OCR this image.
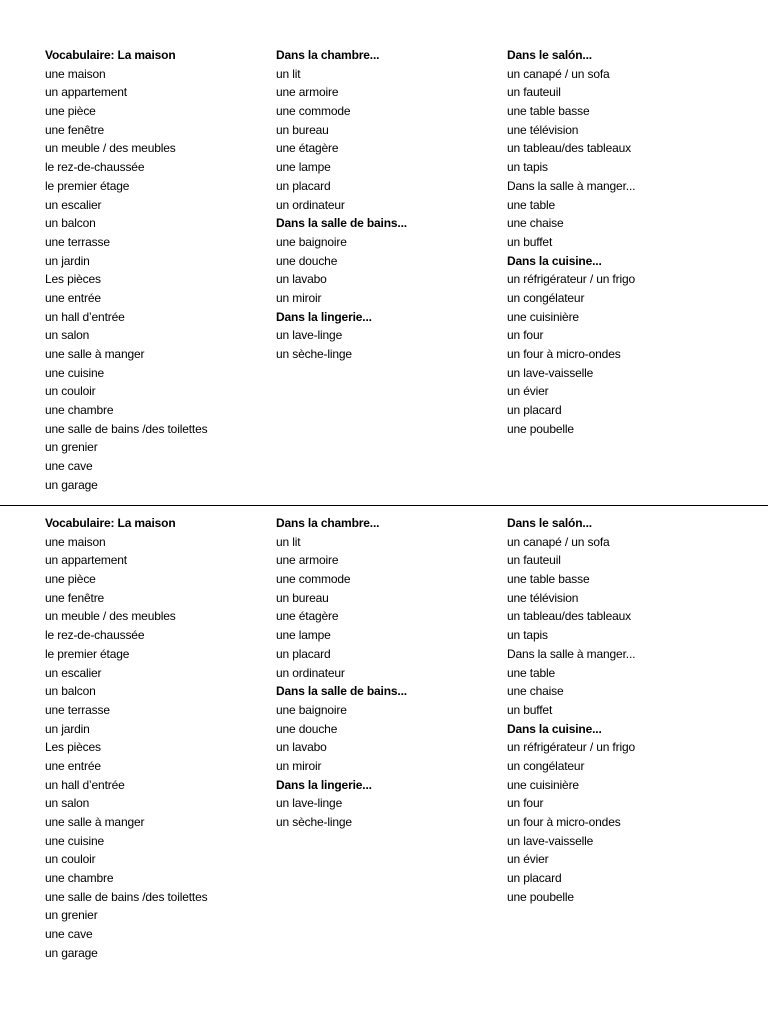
Vocabulaire: La maison
une maison
un appartement
une pièce
une fenêtre
un meuble / des meubles
le rez-de-chaussée
le premier étage
un escalier
un balcon
une terrasse
un jardin
Les pièces
une entrée
un hall d’entrée
un salon
une salle à manger
une cuisine
un couloir
une chambre
une salle de bains /des toilettes
un grenier
une cave
un garage
Dans la chambre...
un lit
une armoire
une commode
un bureau
une étagère
une lampe
un placard
un ordinateur
Dans la salle de bains...
une baignoire
une douche
un lavabo
un miroir
Dans la lingerie...
un lave-linge
un sèche-linge
Dans le salón...
un canapé / un sofa
un fauteuil
une table basse
une télévision
un tableau/des tableaux
un tapis
Dans la salle à manger...
une table
une chaise
un buffet
Dans la cuisine...
un réfrigérateur / un frigo
un congélateur
une cuisinière
un four
un four à micro-ondes
un lave-vaisselle
un évier
un placard
une poubelle
Vocabulaire: La maison
une maison
un appartement
une pièce
une fenêtre
un meuble / des meubles
le rez-de-chaussée
le premier étage
un escalier
un balcon
une terrasse
un jardin
Les pièces
une entrée
un hall d’entrée
un salon
une salle à manger
une cuisine
un couloir
une chambre
une salle de bains /des toilettes
un grenier
une cave
un garage
Dans la chambre...
un lit
une armoire
une commode
un bureau
une étagère
une lampe
un placard
un ordinateur
Dans la salle de bains...
une baignoire
une douche
un lavabo
un miroir
Dans la lingerie...
un lave-linge
un sèche-linge
Dans le salón...
un canapé / un sofa
un fauteuil
une table basse
une télévision
un tableau/des tableaux
un tapis
Dans la salle à manger...
une table
une chaise
un buffet
Dans la cuisine...
un réfrigérateur / un frigo
un congélateur
une cuisinière
un four
un four à micro-ondes
un lave-vaisselle
un évier
un placard
une poubelle
